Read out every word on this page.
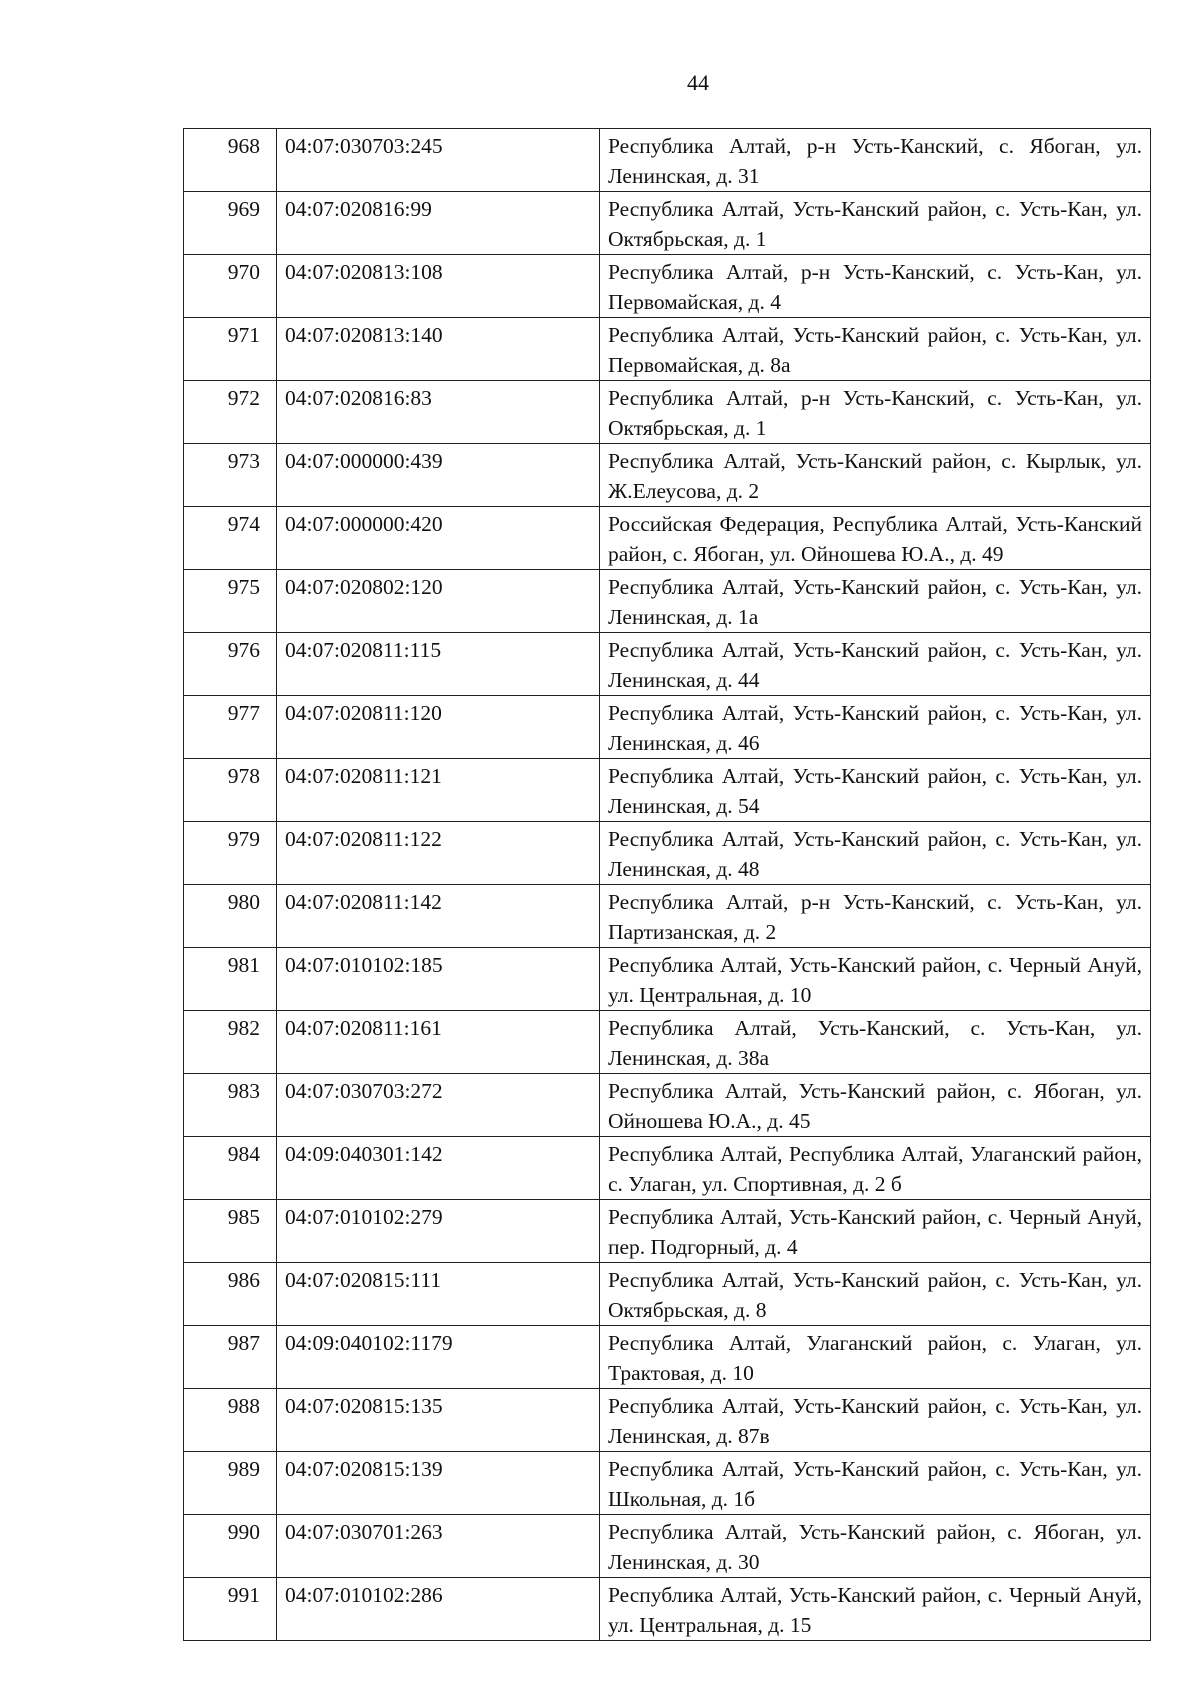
44
968	04:07:030703:245	Республика Алтай, р-н Усть-Канский, с. Ябоган, ул. Ленинская, д. 31
969	04:07:020816:99	Республика Алтай, Усть-Канский район, с. Усть-Кан, ул. Октябрьская, д. 1
970	04:07:020813:108	Республика Алтай, р-н Усть-Канский, с. Усть-Кан, ул. Первомайская, д. 4
971	04:07:020813:140	Республика Алтай, Усть-Канский район, с. Усть-Кан, ул. Первомайская, д. 8а
972	04:07:020816:83	Республика Алтай, р-н Усть-Канский, с. Усть-Кан, ул. Октябрьская, д. 1
973	04:07:000000:439	Республика Алтай, Усть-Канский район, с. Кырлык, ул. Ж.Елеусова, д. 2
974	04:07:000000:420	Российская Федерация, Республика Алтай, Усть-Канский район, с. Ябоган, ул. Ойношева Ю.А., д. 49
975	04:07:020802:120	Республика Алтай, Усть-Канский район, с. Усть-Кан, ул. Ленинская, д. 1а
976	04:07:020811:115	Республика Алтай, Усть-Канский район, с. Усть-Кан, ул. Ленинская, д. 44
977	04:07:020811:120	Республика Алтай, Усть-Канский район, с. Усть-Кан, ул. Ленинская, д. 46
978	04:07:020811:121	Республика Алтай, Усть-Канский район, с. Усть-Кан, ул. Ленинская, д. 54
979	04:07:020811:122	Республика Алтай, Усть-Канский район, с. Усть-Кан, ул. Ленинская, д. 48
980	04:07:020811:142	Республика Алтай, р-н Усть-Канский, с. Усть-Кан, ул. Партизанская, д. 2
981	04:07:010102:185	Республика Алтай, Усть-Канский район, с. Черный Ануй, ул. Центральная, д. 10
982	04:07:020811:161	Республика Алтай, Усть-Канский, с. Усть-Кан, ул. Ленинская, д. 38а
983	04:07:030703:272	Республика Алтай, Усть-Канский район, с. Ябоган, ул. Ойношева Ю.А., д. 45
984	04:09:040301:142	Республика Алтай, Республика Алтай, Улаганский район, с. Улаган, ул. Спортивная, д. 2 б
985	04:07:010102:279	Республика Алтай, Усть-Канский район, с. Черный Ануй, пер. Подгорный, д. 4
986	04:07:020815:111	Республика Алтай, Усть-Канский район, с. Усть-Кан, ул. Октябрьская, д. 8
987	04:09:040102:1179	Республика Алтай, Улаганский район, с. Улаган, ул. Трактовая, д. 10
988	04:07:020815:135	Республика Алтай, Усть-Канский район, с. Усть-Кан, ул. Ленинская, д. 87в
989	04:07:020815:139	Республика Алтай, Усть-Канский район, с. Усть-Кан, ул. Школьная, д. 1б
990	04:07:030701:263	Республика Алтай, Усть-Канский район, с. Ябоган, ул. Ленинская, д. 30
991	04:07:010102:286	Республика Алтай, Усть-Канский район, с. Черный Ануй, ул. Центральная, д. 15
